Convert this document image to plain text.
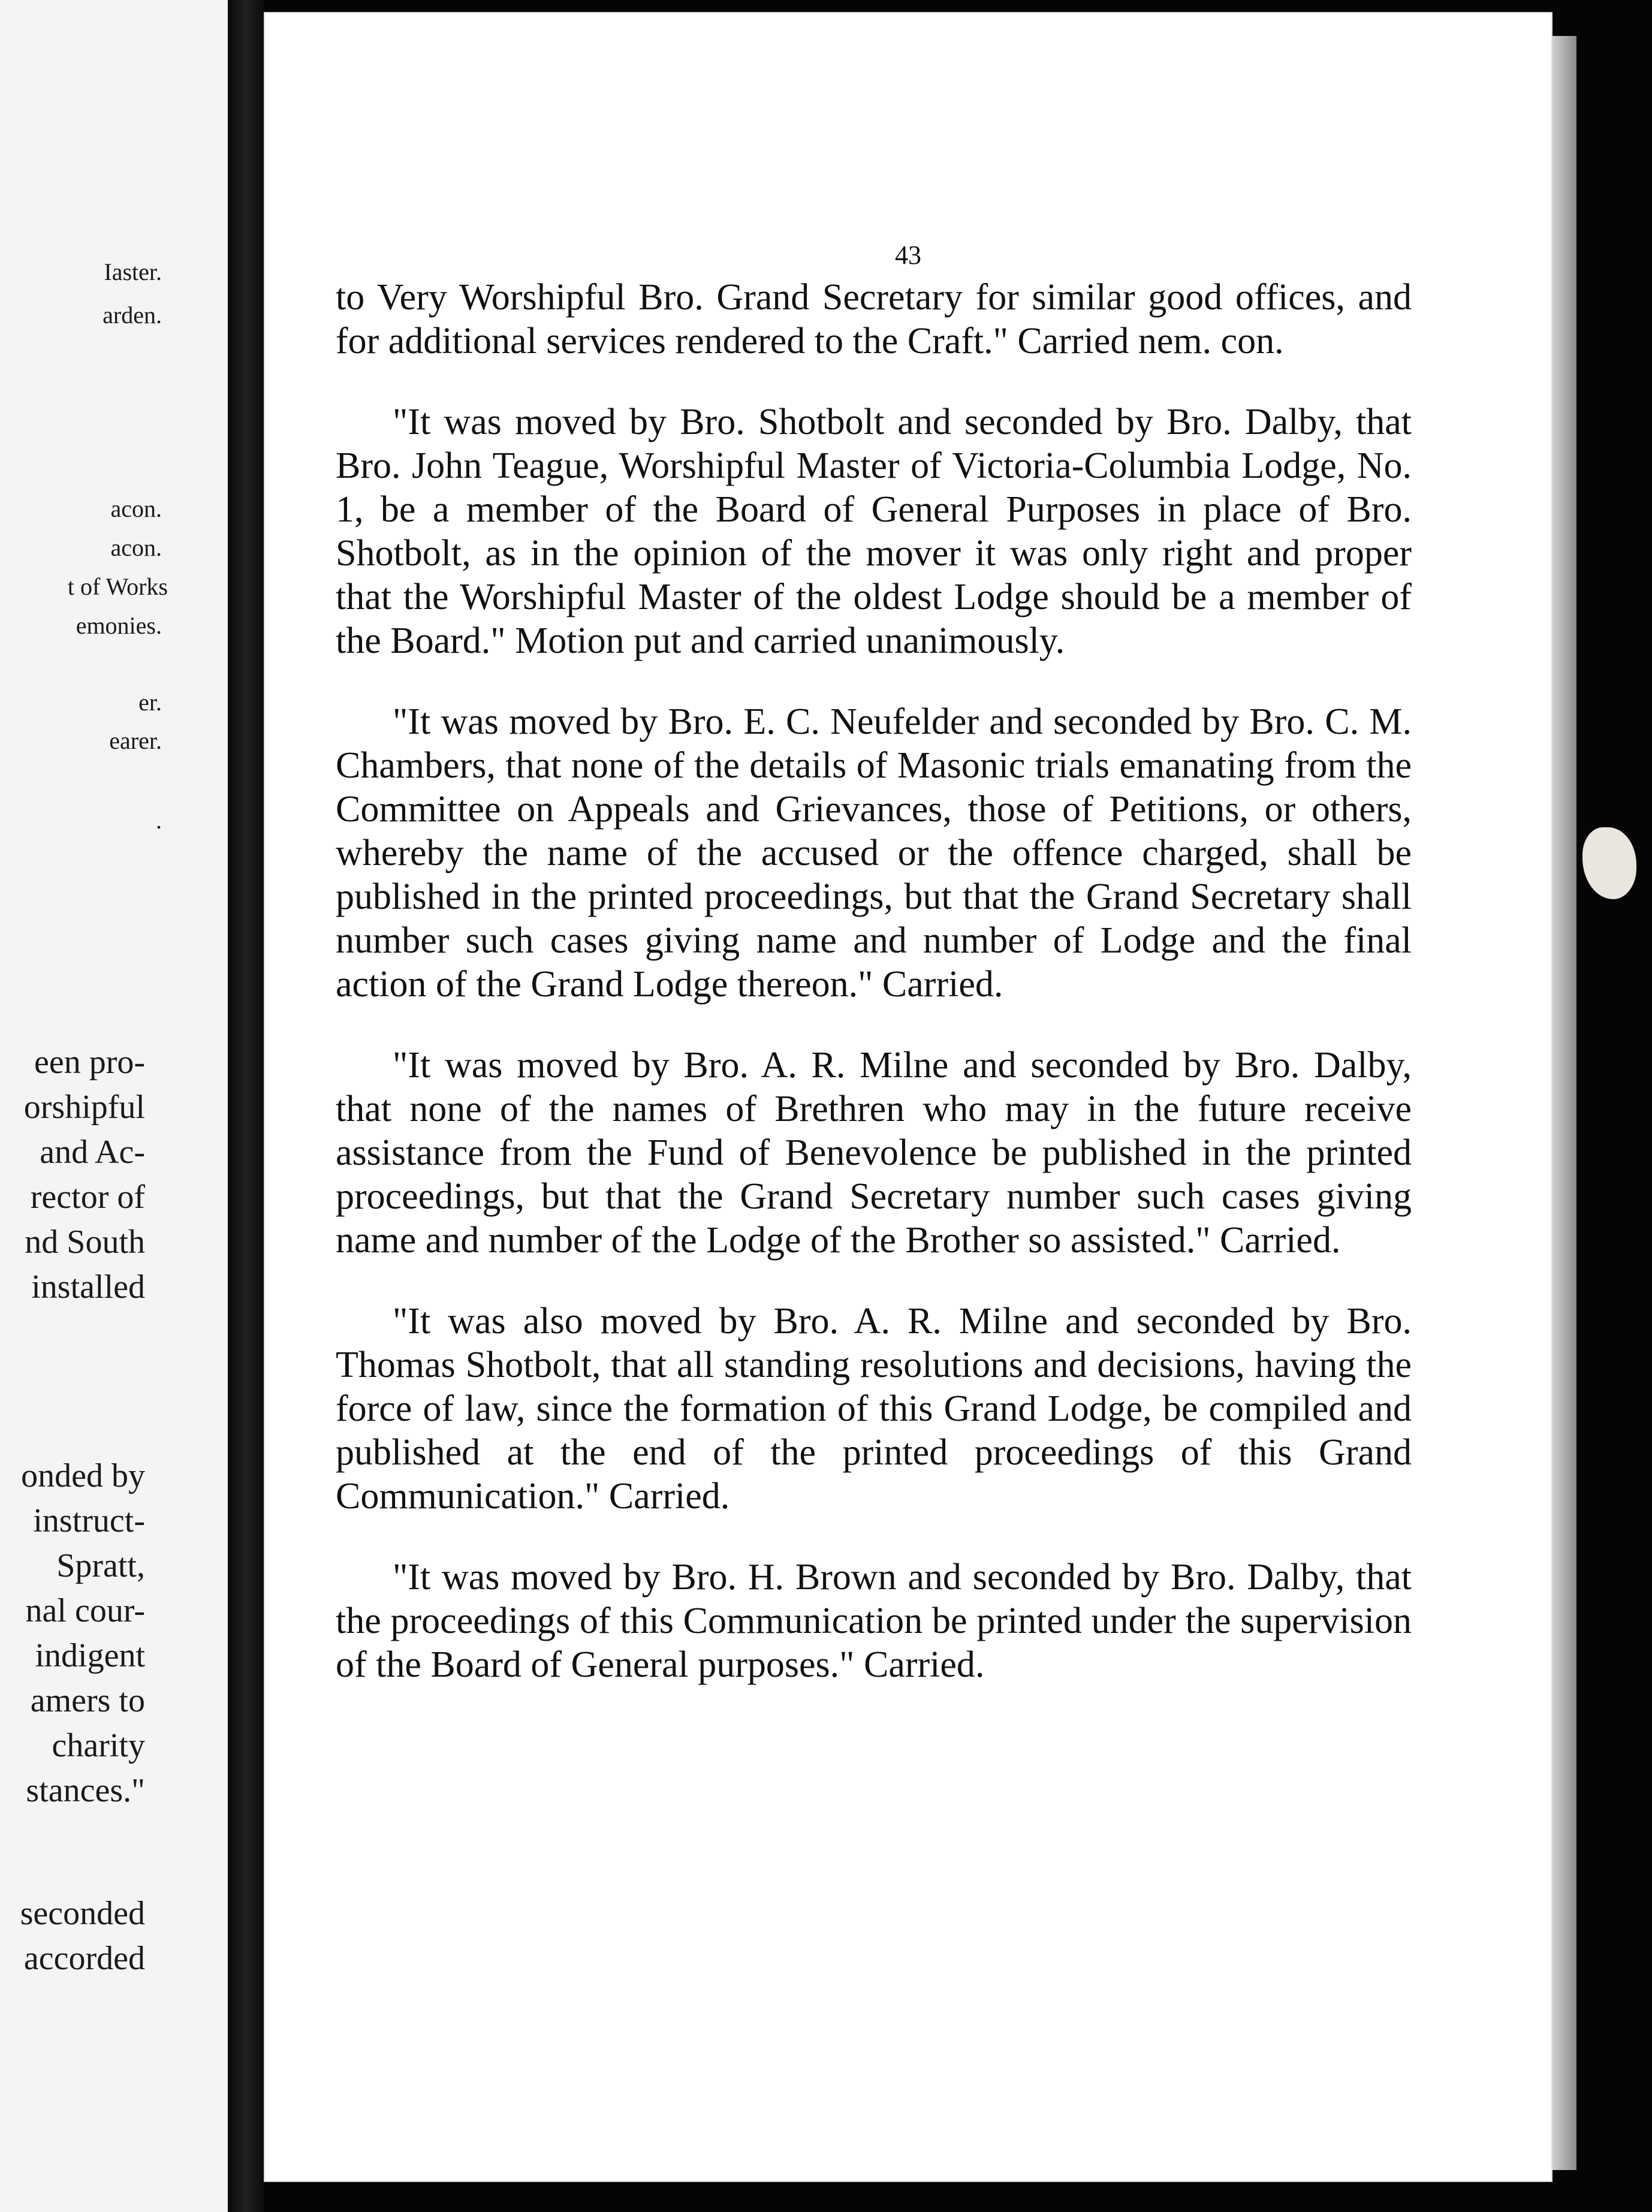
Iaster.
arden.
acon.
acon.
t of Works
emonies.
er.
earer.
.
een pro-
orshipful
and Ac-
rector of
nd South
installed
onded by
instruct-
Spratt,
nal cour-
indigent
amers to
charity
stances."
seconded
accorded
43

to Very Worshipful Bro. Grand Secretary for similar good offices, and for additional services rendered to the Craft." Carried nem. con.

"It was moved by Bro. Shotbolt and seconded by Bro. Dalby, that Bro. John Teague, Worshipful Master of Victoria-Columbia Lodge, No. 1, be a member of the Board of General Purposes in place of Bro. Shotbolt, as in the opinion of the mover it was only right and proper that the Worshipful Master of the oldest Lodge should be a member of the Board." Motion put and carried unanimously.

"It was moved by Bro. E. C. Neufelder and seconded by Bro. C. M. Chambers, that none of the details of Masonic trials emanating from the Committee on Appeals and Grievances, those of Petitions, or others, whereby the name of the accused or the offence charged, shall be published in the printed proceedings, but that the Grand Secretary shall number such cases giving name and number of Lodge and the final action of the Grand Lodge thereon." Carried.

"It was moved by Bro. A. R. Milne and seconded by Bro. Dalby, that none of the names of Brethren who may in the future receive assistance from the Fund of Benevolence be published in the printed proceedings, but that the Grand Secretary number such cases giving name and number of the Lodge of the Brother so assisted." Carried.

"It was also moved by Bro. A. R. Milne and seconded by Bro. Thomas Shotbolt, that all standing resolutions and decisions, having the force of law, since the formation of this Grand Lodge, be compiled and published at the end of the printed proceedings of this Grand Communication." Carried.

"It was moved by Bro. H. Brown and seconded by Bro. Dalby, that the proceedings of this Communication be printed under the supervision of the Board of General purposes." Carried.
